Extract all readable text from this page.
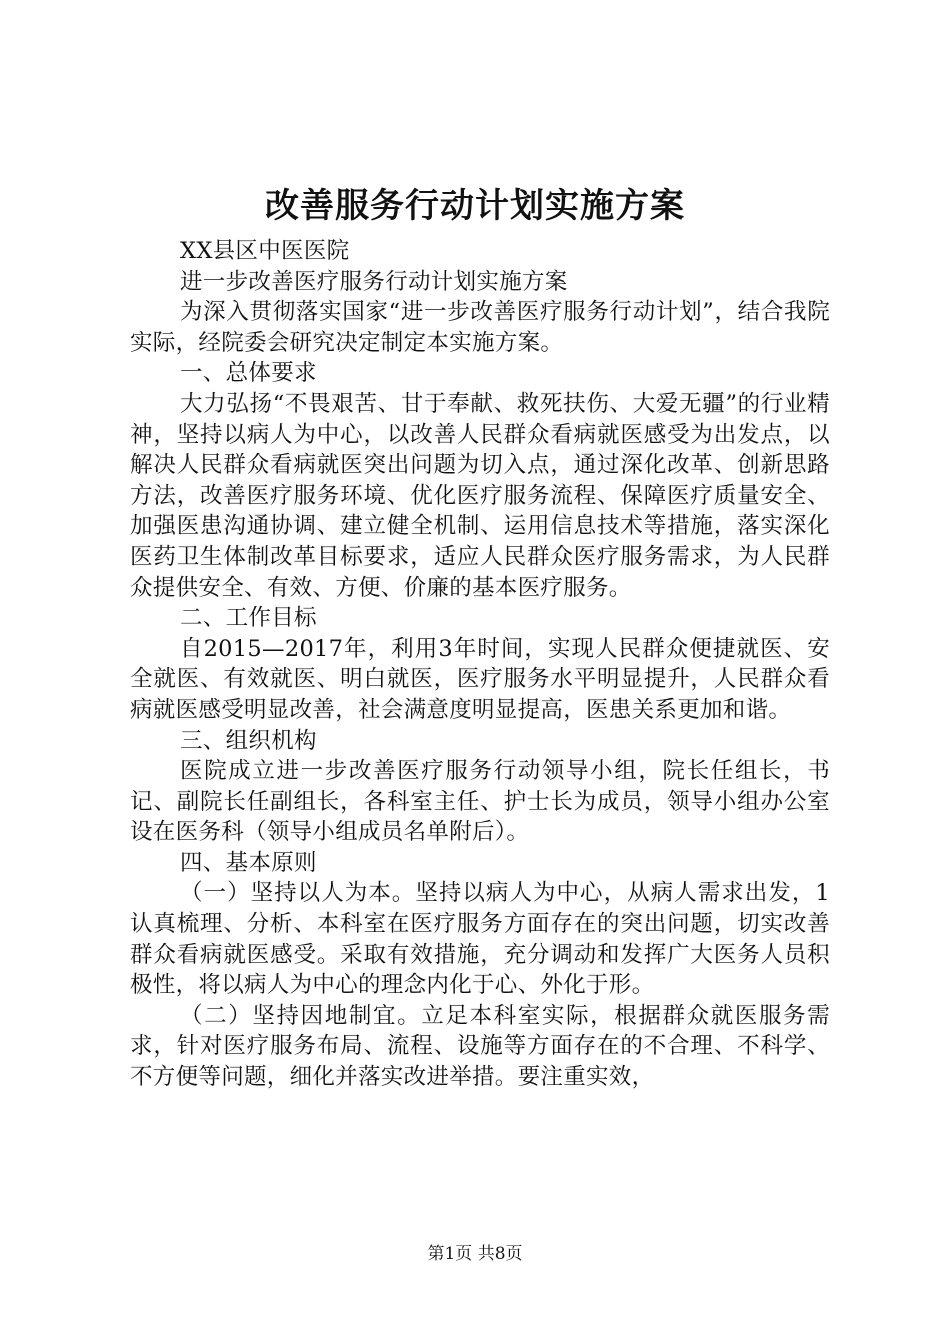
改善服务行动计划实施方案

XX县区中医医院

进一步改善医疗服务行动计划实施方案

为深入贯彻落实国家“进一步改善医疗服务行动计划”，结合我院实际，经院委会研究决定制定本实施方案。

一、总体要求

大力弘扬“不畏艰苦、甘于奉献、救死扶伤、大爱无疆”的行业精神，坚持以病人为中心，以改善人民群众看病就医感受为出发点，以解决人民群众看病就医突出问题为切入点，通过深化改革、创新思路方法，改善医疗服务环境、优化医疗服务流程、保障医疗质量安全、加强医患沟通协调、建立健全机制、运用信息技术等措施，落实深化医药卫生体制改革目标要求，适应人民群众医疗服务需求，为人民群众提供安全、有效、方便、价廉的基本医疗服务。

二、工作目标

自2015—2017年，利用3年时间，实现人民群众便捷就医、安全就医、有效就医、明白就医，医疗服务水平明显提升，人民群众看病就医感受明显改善，社会满意度明显提高，医患关系更加和谐。

三、组织机构

医院成立进一步改善医疗服务行动领导小组，院长任组长，书记、副院长任副组长，各科室主任、护士长为成员，领导小组办公室设在医务科（领导小组成员名单附后）。

四、基本原则

（一）坚持以人为本。坚持以病人为中心，从病人需求出发，1认真梳理、分析、本科室在医疗服务方面存在的突出问题，切实改善群众看病就医感受。采取有效措施，充分调动和发挥广大医务人员积极性，将以病人为中心的理念内化于心、外化于形。

（二）坚持因地制宜。立足本科室实际，根据群众就医服务需求，针对医疗服务布局、流程、设施等方面存在的不合理、不科学、不方便等问题，细化并落实改进举措。要注重实效，

第1页 共8页
